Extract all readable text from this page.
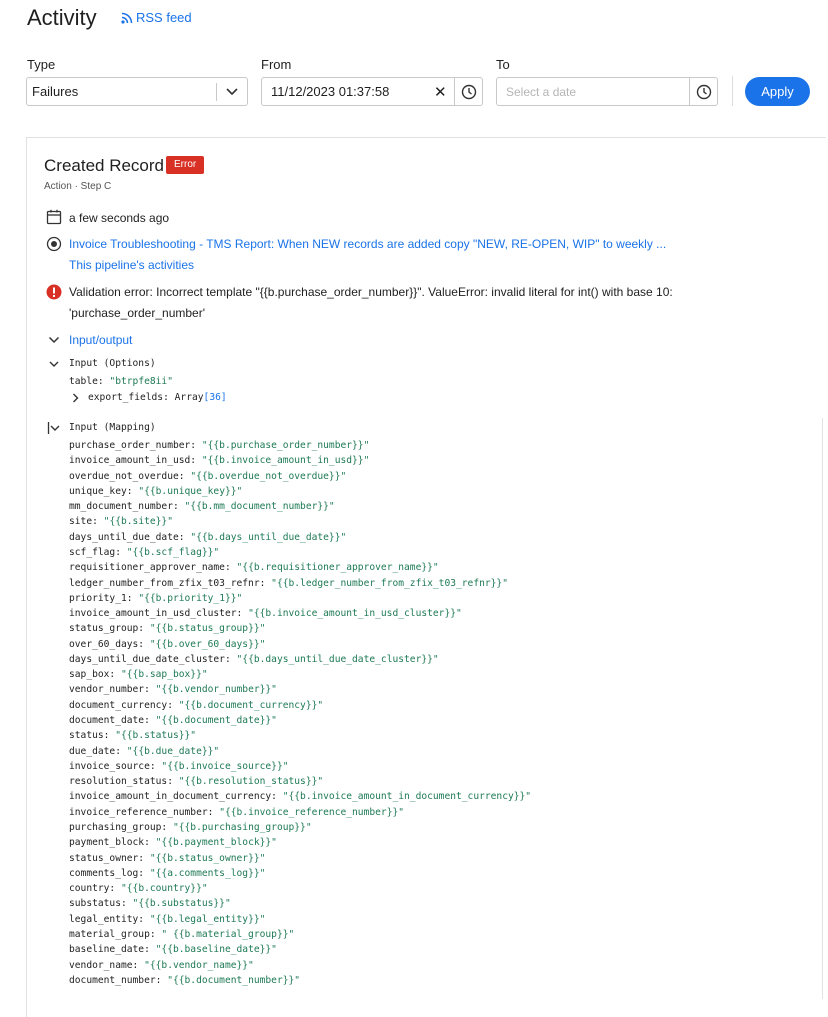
Activity	RSS feed
Type	From	To
Failures	11/12/2023 01:37:58	✕	Select a date	Apply
Created Record Error
Action · Step C
a few seconds ago
Invoice Troubleshooting - TMS Report: When NEW records are added copy "NEW, RE-OPEN, WIP" to weekly ...
This pipeline's activities
Validation error: Incorrect template "{{b.purchase_order_number}}". ValueError: invalid literal for int() with base 10:
'purchase_order_number'
Input/output
Input (Options)
table: "btrpfe8ii"
export_fields: Array[36]
Input (Mapping)
purchase_order_number: "{{b.purchase_order_number}}"
invoice_amount_in_usd: "{{b.invoice_amount_in_usd}}"
overdue_not_overdue: "{{b.overdue_not_overdue}}"
unique_key: "{{b.unique_key}}"
mm_document_number: "{{b.mm_document_number}}"
site: "{{b.site}}"
days_until_due_date: "{{b.days_until_due_date}}"
scf_flag: "{{b.scf_flag}}"
requisitioner_approver_name: "{{b.requisitioner_approver_name}}"
ledger_number_from_zfix_t03_refnr: "{{b.ledger_number_from_zfix_t03_refnr}}"
priority_1: "{{b.priority_1}}"
invoice_amount_in_usd_cluster: "{{b.invoice_amount_in_usd_cluster}}"
status_group: "{{b.status_group}}"
over_60_days: "{{b.over_60_days}}"
days_until_due_date_cluster: "{{b.days_until_due_date_cluster}}"
sap_box: "{{b.sap_box}}"
vendor_number: "{{b.vendor_number}}"
document_currency: "{{b.document_currency}}"
document_date: "{{b.document_date}}"
status: "{{b.status}}"
due_date: "{{b.due_date}}"
invoice_source: "{{b.invoice_source}}"
resolution_status: "{{b.resolution_status}}"
invoice_amount_in_document_currency: "{{b.invoice_amount_in_document_currency}}"
invoice_reference_number: "{{b.invoice_reference_number}}"
purchasing_group: "{{b.purchasing_group}}"
payment_block: "{{b.payment_block}}"
status_owner: "{{b.status_owner}}"
comments_log: "{{a.comments_log}}"
country: "{{b.country}}"
substatus: "{{b.substatus}}"
legal_entity: "{{b.legal_entity}}"
material_group: " {{b.material_group}}"
baseline_date: "{{b.baseline_date}}"
vendor_name: "{{b.vendor_name}}"
document_number: "{{b.document_number}}"
